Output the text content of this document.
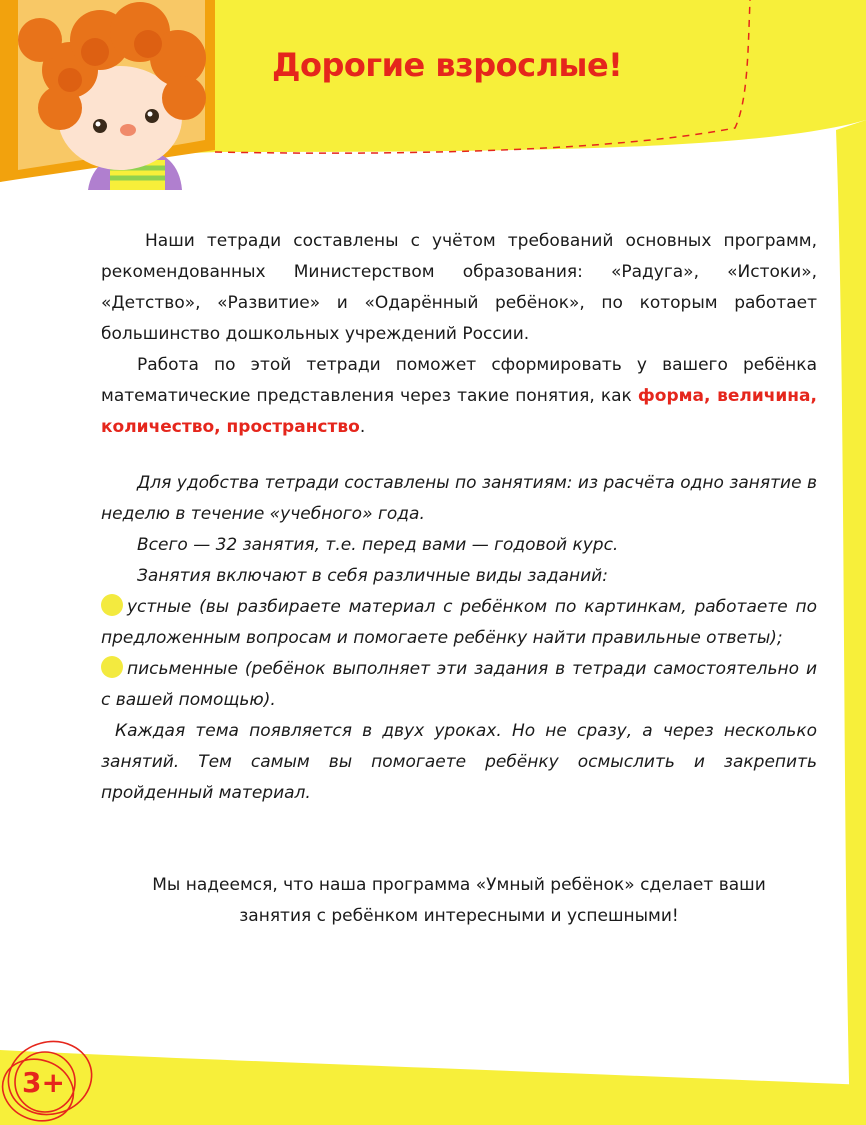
Дорогие взрослые!

Наши тетради составлены с учётом требований основных программ, рекомендованных Министерством образования: «Радуга», «Истоки», «Детство», «Развитие» и «Одарённый ребёнок», по которым работает большинство дошкольных учреждений России.

Работа по этой тетради поможет сформировать у вашего ребёнка математические представления через такие понятия, как форма, величина, количество, пространство.

Для удобства тетради составлены по занятиям: из расчёта одно занятие в неделю в течение «учебного» года.

Всего — 32 занятия, т.е. перед вами — годовой курс.

Занятия включают в себя различные виды заданий:

устные (вы разбираете материал с ребёнком по картинкам, работаете по предложенным вопросам и помогаете ребёнку найти правильные ответы);

письменные (ребёнок выполняет эти задания в тетради самостоятельно и с вашей помощью).

Каждая тема появляется в двух уроках. Но не сразу, а через несколько занятий. Тем самым вы помогаете ребёнку осмыслить и закрепить пройденный материал.

Мы надеемся, что наша программа «Умный ребёнок» сделает ваши
занятия с ребёнком интересными и успешными!
3+
